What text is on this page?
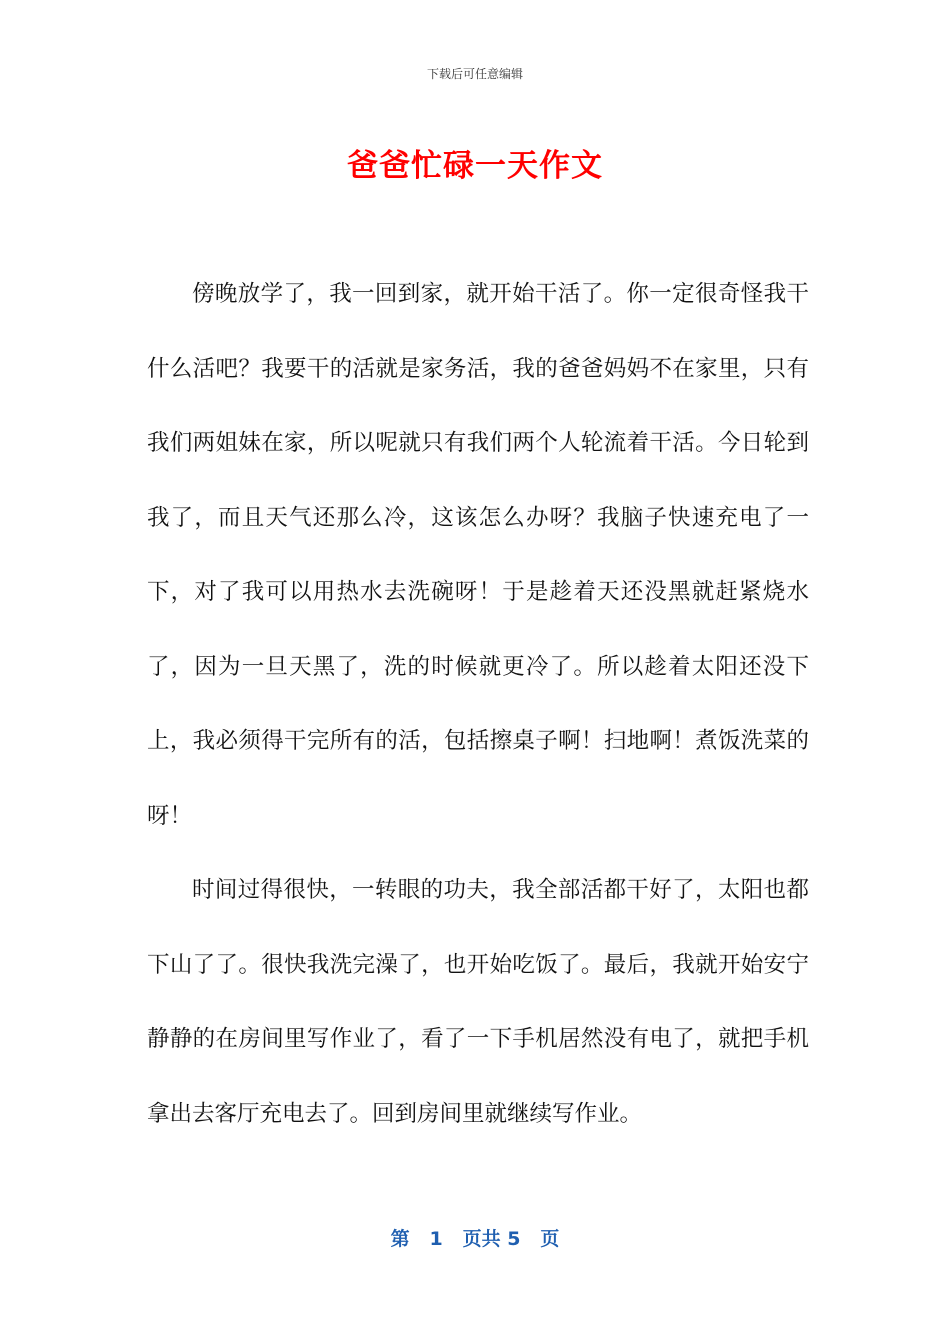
下载后可任意编辑
爸爸忙碌一天作文

傍晚放学了，我一回到家，就开始干活了。你一定很奇怪我干什么活吧？我要干的活就是家务活，我的爸爸妈妈不在家里，只有我们两姐妹在家，所以呢就只有我们两个人轮流着干活。今日轮到我了，而且天气还那么冷，这该怎么办呀？我脑子快速充电了一下，对了我可以用热水去洗碗呀！于是趁着天还没黑就赶紧烧水了，因为一旦天黑了，洗的时候就更冷了。所以趁着太阳还没下上，我必须得干完所有的活，包括擦桌子啊！扫地啊！煮饭洗菜的呀！

时间过得很快，一转眼的功夫，我全部活都干好了，太阳也都下山了了。很快我洗完澡了，也开始吃饭了。最后，我就开始安宁静静的在房间里写作业了，看了一下手机居然没有电了，就把手机拿出去客厅充电去了。回到房间里就继续写作业。

第 1 页共 5 页
